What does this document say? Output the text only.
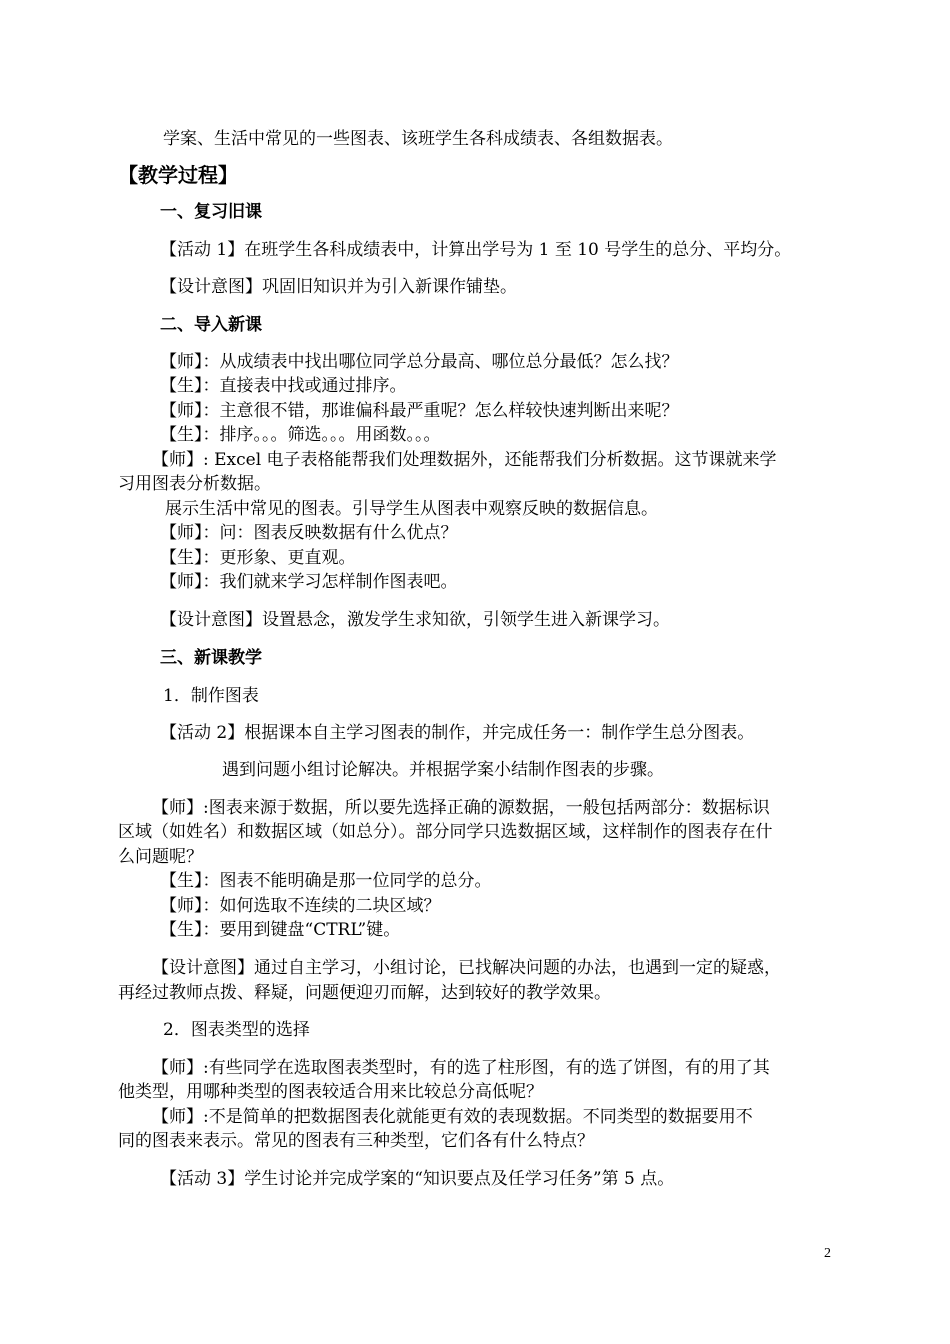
学案、生活中常见的一些图表、该班学生各科成绩表、各组数据表。
【教学过程】
一、复习旧课
【活动 1】在班学生各科成绩表中，计算出学号为 1 至 10 号学生的总分、平均分。
【设计意图】巩固旧知识并为引入新课作铺垫。
二、导入新课
【师】：从成绩表中找出哪位同学总分最高、哪位总分最低？怎么找？
【生】：直接表中找或通过排序。
【师】：主意很不错，那谁偏科最严重呢？怎么样较快速判断出来呢？
【生】：排序。。。筛选。。。用函数。。。
【师】: Excel 电子表格能帮我们处理数据外，还能帮我们分析数据。这节课就来学
习用图表分析数据。
展示生活中常见的图表。引导学生从图表中观察反映的数据信息。
【师】：问：图表反映数据有什么优点？
【生】：更形象、更直观。
【师】：我们就来学习怎样制作图表吧。
【设计意图】设置悬念，激发学生求知欲，引领学生进入新课学习。
三、新课教学
1．制作图表
【活动 2】根据课本自主学习图表的制作，并完成任务一：制作学生总分图表。
遇到问题小组讨论解决。并根据学案小结制作图表的步骤。
【师】:图表来源于数据，所以要先选择正确的源数据，一般包括两部分：数据标识
区域（如姓名）和数据区域（如总分）。部分同学只选数据区域，这样制作的图表存在什
么问题呢？
【生】：图表不能明确是那一位同学的总分。
【师】：如何选取不连续的二块区域？
【生】：要用到键盘“CTRL”键。
【设计意图】通过自主学习，小组讨论，已找解决问题的办法，也遇到一定的疑惑，
再经过教师点拨、释疑，问题便迎刃而解，达到较好的教学效果。
2．图表类型的选择
【师】:有些同学在选取图表类型时，有的选了柱形图，有的选了饼图，有的用了其
他类型，用哪种类型的图表较适合用来比较总分高低呢？
【师】:不是简单的把数据图表化就能更有效的表现数据。不同类型的数据要用不
同的图表来表示。常见的图表有三种类型，它们各有什么特点？
【活动 3】学生讨论并完成学案的“知识要点及任学习任务”第 5 点。
2
